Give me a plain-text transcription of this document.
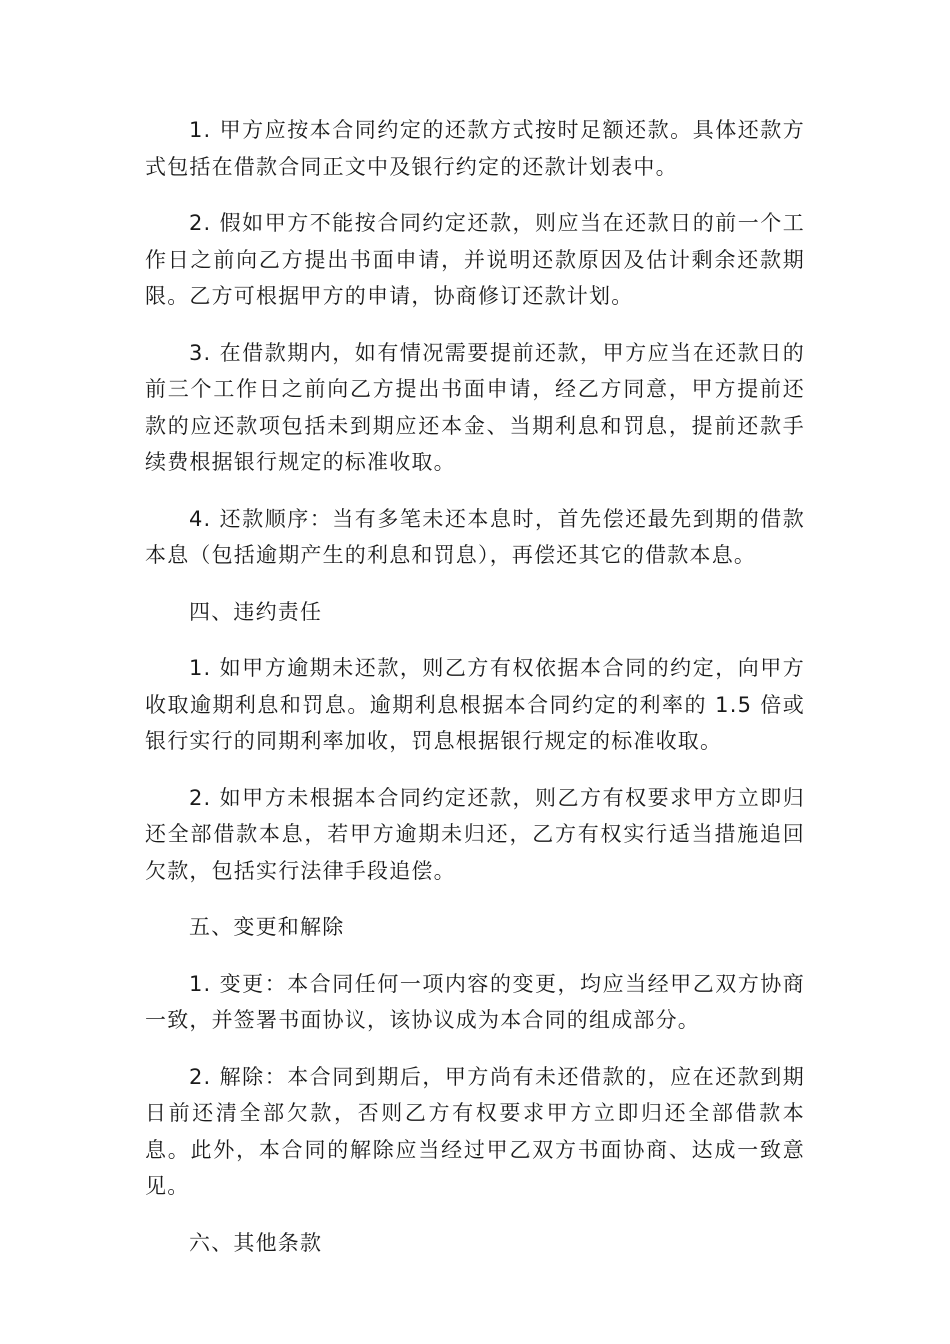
1. 甲方应按本合同约定的还款方式按时足额还款。具体还款方式包括在借款合同正文中及银行约定的还款计划表中。

2. 假如甲方不能按合同约定还款，则应当在还款日的前一个工作日之前向乙方提出书面申请，并说明还款原因及估计剩余还款期限。乙方可根据甲方的申请，协商修订还款计划。

3. 在借款期内，如有情况需要提前还款，甲方应当在还款日的前三个工作日之前向乙方提出书面申请，经乙方同意，甲方提前还款的应还款项包括未到期应还本金、当期利息和罚息，提前还款手续费根据银行规定的标准收取。

4. 还款顺序：当有多笔未还本息时，首先偿还最先到期的借款本息（包括逾期产生的利息和罚息），再偿还其它的借款本息。

四、违约责任

1. 如甲方逾期未还款，则乙方有权依据本合同的约定，向甲方收取逾期利息和罚息。逾期利息根据本合同约定的利率的 1.5 倍或银行实行的同期利率加收，罚息根据银行规定的标准收取。

2. 如甲方未根据本合同约定还款，则乙方有权要求甲方立即归还全部借款本息，若甲方逾期未归还，乙方有权实行适当措施追回欠款，包括实行法律手段追偿。

五、变更和解除

1. 变更：本合同任何一项内容的变更，均应当经甲乙双方协商一致，并签署书面协议，该协议成为本合同的组成部分。

2. 解除：本合同到期后，甲方尚有未还借款的，应在还款到期日前还清全部欠款，否则乙方有权要求甲方立即归还全部借款本息。此外，本合同的解除应当经过甲乙双方书面协商、达成一致意见。

六、其他条款
